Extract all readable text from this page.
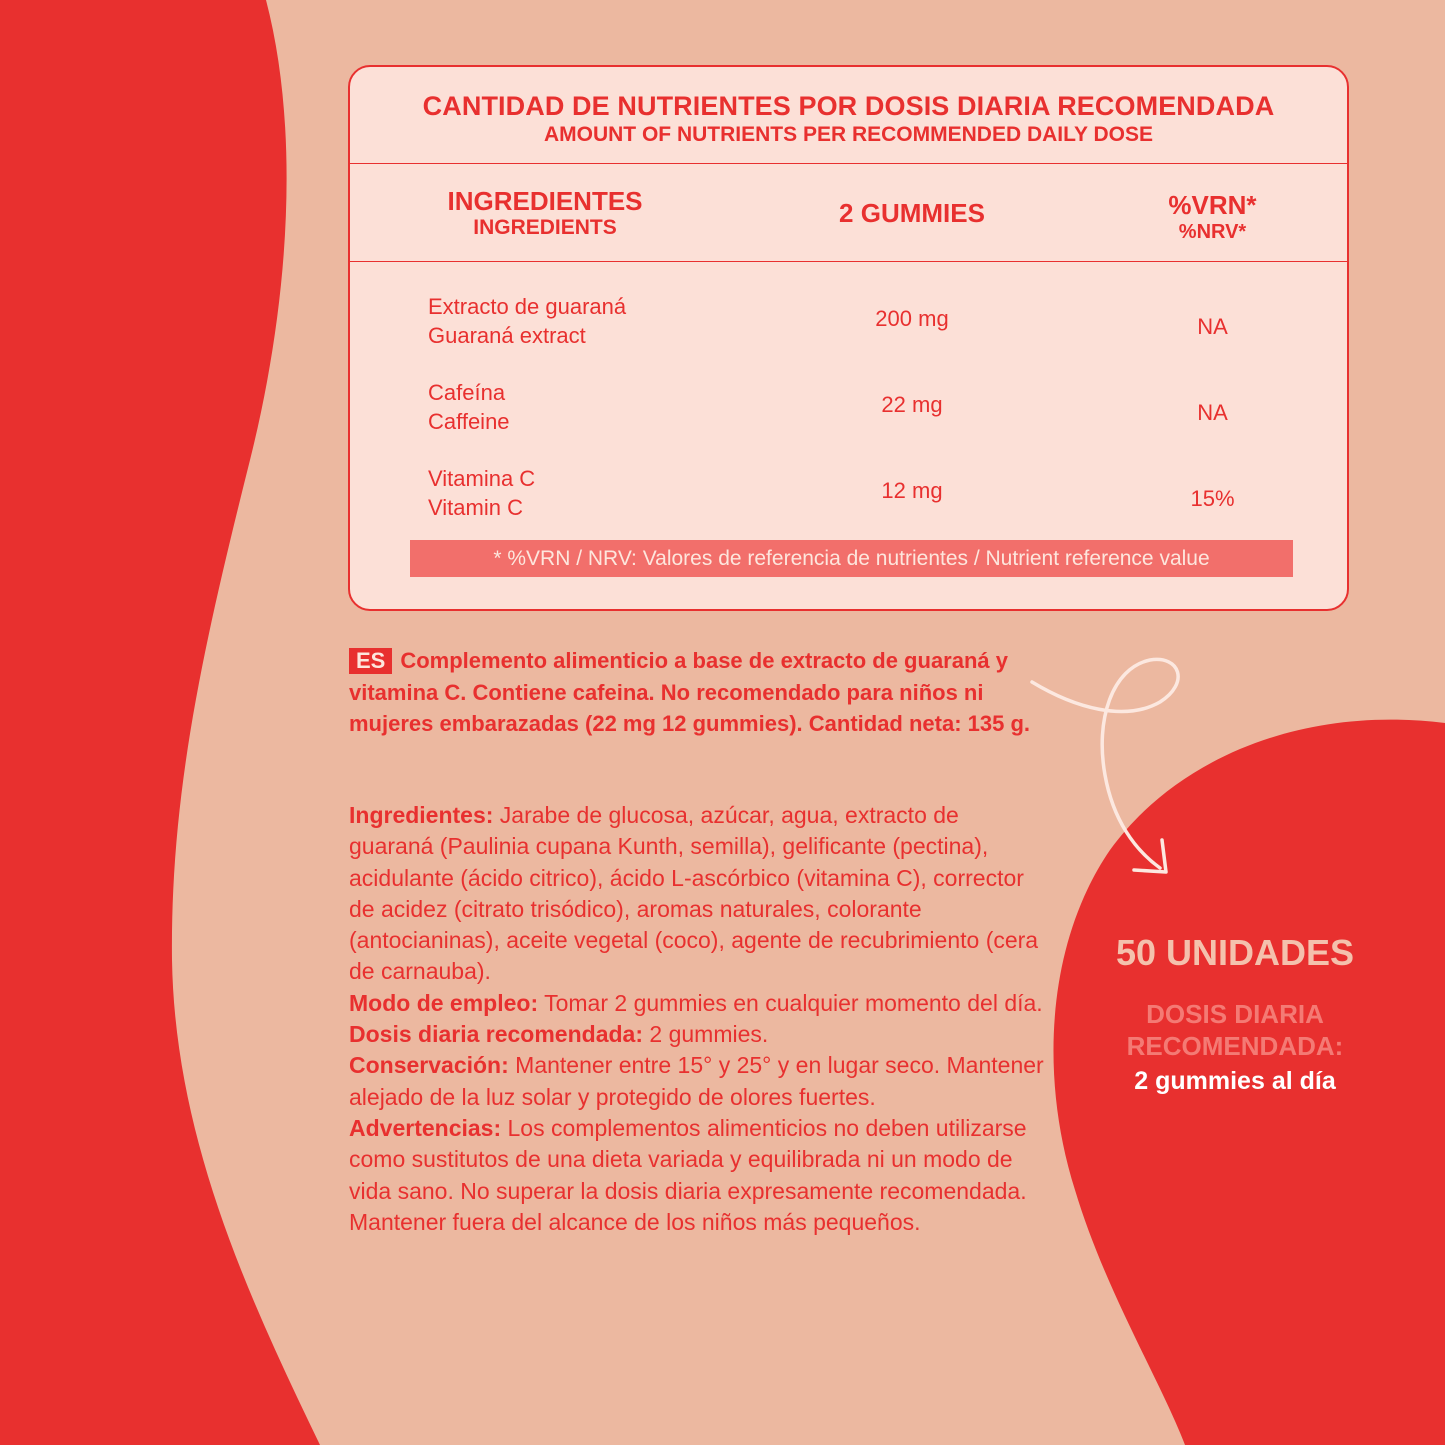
CANTIDAD DE NUTRIENTES POR DOSIS DIARIA RECOMENDADA
AMOUNT OF NUTRIENTS PER RECOMMENDED DAILY DOSE
INGREDIENTES
INGREDIENTS	2 GUMMIES	%VRN*
%NRV*
Extracto de guaraná
Guaraná extract
200 mg	NA
Cafeína
Caffeine
22 mg	NA
Vitamina C
Vitamin C
12 mg	15%
* %VRN / NRV: Valores de referencia de nutrientes / Nutrient reference value
ES Complemento alimenticio a base de extracto de guaraná y vitamina C. Contiene cafeina. No recomendado para niños ni mujeres embarazadas (22 mg 12 gummies). Cantidad neta: 135 g.

Ingredientes: Jarabe de glucosa, azúcar, agua, extracto de guaraná (Paulinia cupana Kunth, semilla), gelificante (pectina), acidulante (ácido citrico), ácido L-ascórbico (vitamina C), corrector de acidez (citrato trisódico), aromas naturales, colorante (antocianinas), aceite vegetal (coco), agente de recubrimiento (cera de carnauba).

Modo de empleo: Tomar 2 gummies en cualquier momento del día.

Dosis diaria recomendada: 2 gummies.

Conservación: Mantener entre 15° y 25° y en lugar seco. Mantener alejado de la luz solar y protegido de olores fuertes.

Advertencias: Los complementos alimenticios no deben utilizarse como sustitutos de una dieta variada y equilibrada ni un modo de vida sano. No superar la dosis diaria expresamente recomendada. Mantener fuera del alcance de los niños más pequeños.

50 UNIDADES
DOSIS DIARIA
RECOMENDADA:
2 gummies al día
